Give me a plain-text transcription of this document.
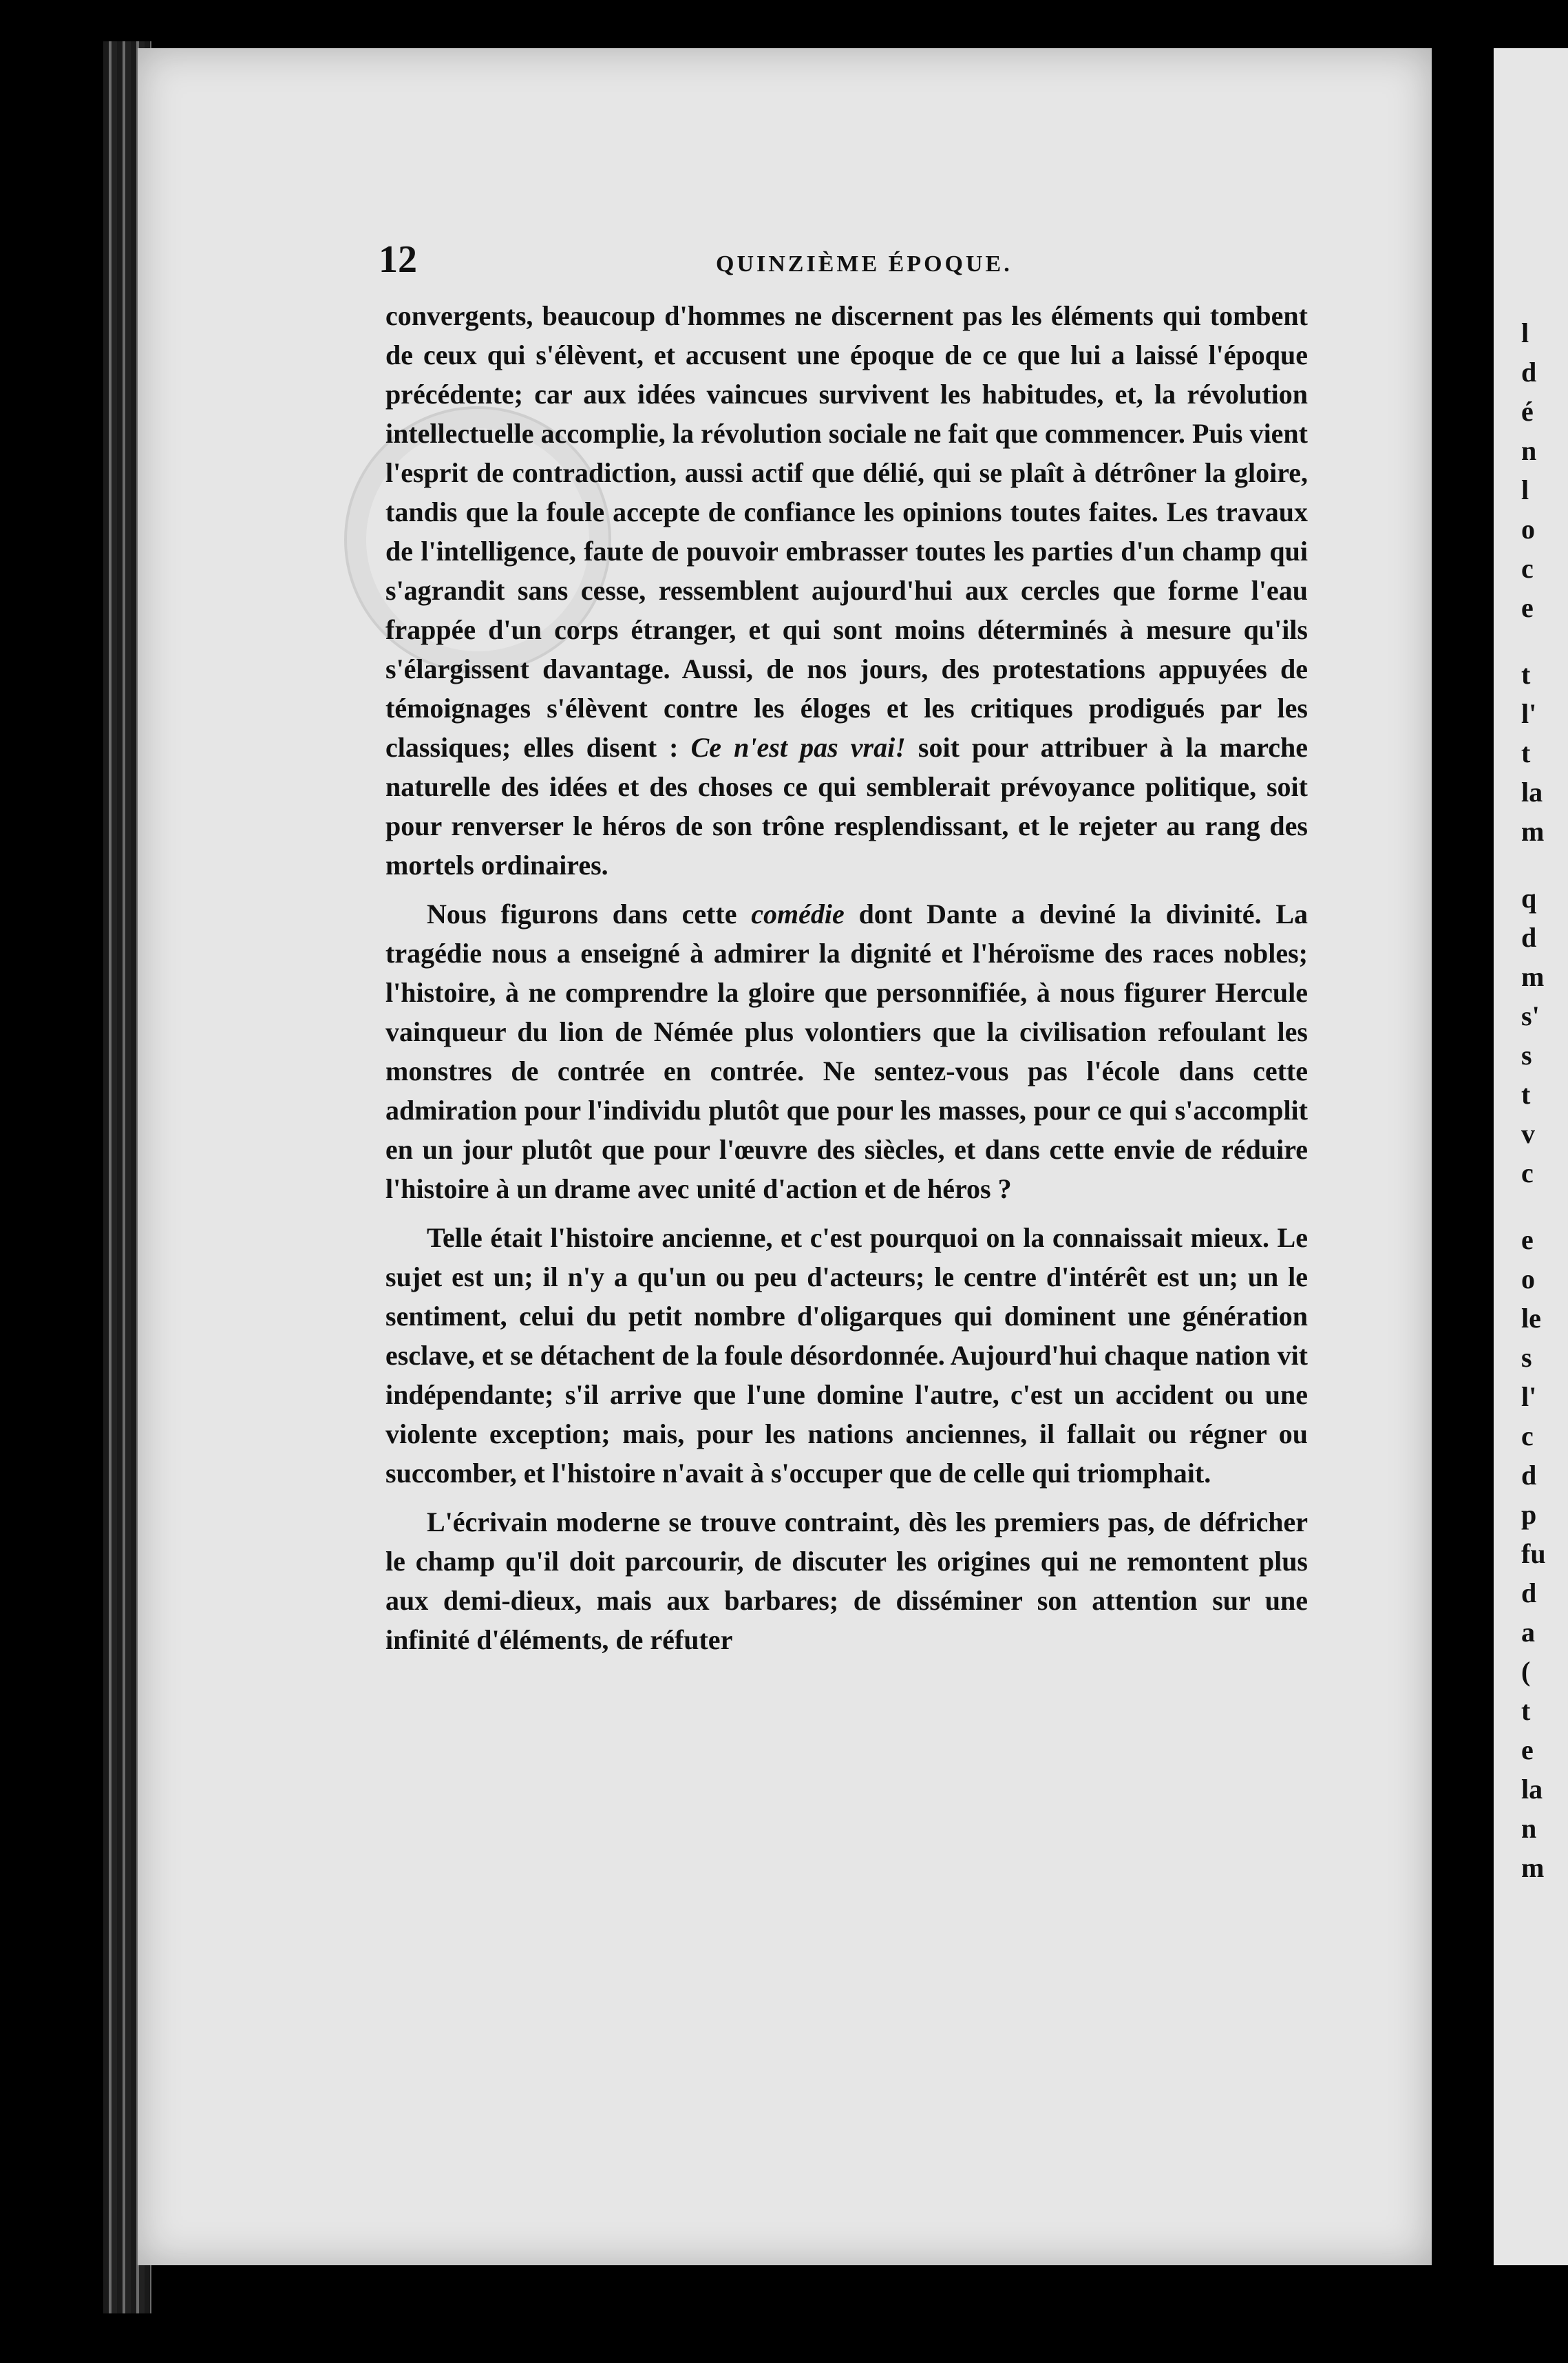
12	QUINZIÈME ÉPOQUE.

convergents, beaucoup d'hommes ne discernent pas les éléments qui tombent de ceux qui s'élèvent, et accusent une époque de ce que lui a laissé l'époque précédente; car aux idées vaincues survivent les habitudes, et, la révolution intellectuelle accomplie, la révolution sociale ne fait que commencer. Puis vient l'esprit de contradiction, aussi actif que délié, qui se plaît à détrôner la gloire, tandis que la foule accepte de confiance les opinions toutes faites. Les travaux de l'intelligence, faute de pouvoir embrasser toutes les parties d'un champ qui s'agrandit sans cesse, ressemblent aujourd'hui aux cercles que forme l'eau frappée d'un corps étranger, et qui sont moins déterminés à mesure qu'ils s'élargissent davantage. Aussi, de nos jours, des protestations appuyées de témoignages s'élèvent contre les éloges et les critiques prodigués par les classiques; elles disent : Ce n'est pas vrai! soit pour attribuer à la marche naturelle des idées et des choses ce qui semblerait prévoyance politique, soit pour renverser le héros de son trône resplendissant, et le rejeter au rang des mortels ordinaires.

Nous figurons dans cette comédie dont Dante a deviné la divinité. La tragédie nous a enseigné à admirer la dignité et l'héroïsme des races nobles; l'histoire, à ne comprendre la gloire que personnifiée, à nous figurer Hercule vainqueur du lion de Némée plus volontiers que la civilisation refoulant les monstres de contrée en contrée. Ne sentez-vous pas l'école dans cette admiration pour l'individu plutôt que pour les masses, pour ce qui s'accomplit en un jour plutôt que pour l'œuvre des siècles, et dans cette envie de réduire l'histoire à un drame avec unité d'action et de héros ?

Telle était l'histoire ancienne, et c'est pourquoi on la connaissait mieux. Le sujet est un; il n'y a qu'un ou peu d'acteurs; le centre d'intérêt est un; un le sentiment, celui du petit nombre d'oligarques qui dominent une génération esclave, et se détachent de la foule désordonnée. Aujourd'hui chaque nation vit indépendante; s'il arrive que l'une domine l'autre, c'est un accident ou une violente exception; mais, pour les nations anciennes, il fallait ou régner ou succomber, et l'histoire n'avait à s'occuper que de celle qui triomphait.

L'écrivain moderne se trouve contraint, dès les premiers pas, de défricher le champ qu'il doit parcourir, de discuter les origines qui ne remontent plus aux demi-dieux, mais aux barbares; de disséminer son attention sur une infinité d'éléments, de réfuter

l
d
é
n
l
o
c
e
t
l'
t
la
m
q
d
m
s'
s
t
v
c
e
o
le
s
l'
c
d
p
fu
d
a
(
t
e
la
n
m
